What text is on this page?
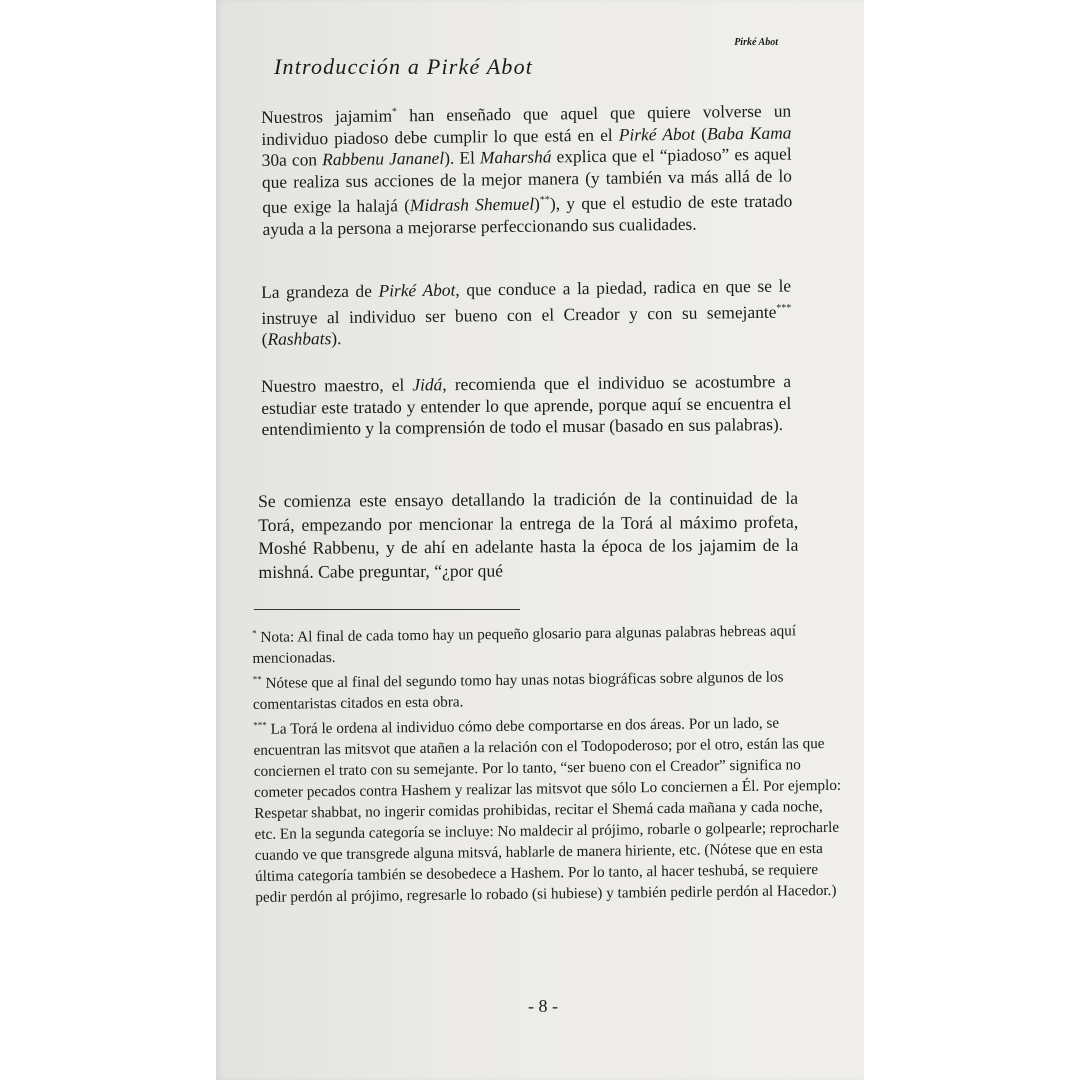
Pirké Abot
Introducción a Pirké Abot
Nuestros jajamim* han enseñado que aquel que quiere volverse un individuo piadoso debe cumplir lo que está en el Pirké Abot (Baba Kama 30a con Rabbenu Jananel). El Maharshá explica que el “piadoso” es aquel que realiza sus acciones de la mejor manera (y también va más allá de lo que exige la halajá (Midrash Shemuel)**), y que el estudio de este tratado ayuda a la persona a mejorarse perfeccionando sus cualidades.
La grandeza de Pirké Abot, que conduce a la piedad, radica en que se le instruye al individuo ser bueno con el Creador y con su semejante*** (Rashbats).
Nuestro maestro, el Jidá, recomienda que el individuo se acostumbre a estudiar este tratado y entender lo que aprende, porque aquí se encuentra el entendimiento y la comprensión de todo el musar (basado en sus palabras).
Se comienza este ensayo detallando la tradición de la continuidad de la Torá, empezando por mencionar la entrega de la Torá al máximo profeta, Moshé Rabbenu, y de ahí en adelante hasta la época de los jajamim de la mishná. Cabe preguntar, “¿por qué

* Nota: Al final de cada tomo hay un pequeño glosario para algunas palabras hebreas aquí mencionadas.

** Nótese que al final del segundo tomo hay unas notas biográficas sobre algunos de los comentaristas citados en esta obra.

*** La Torá le ordena al individuo cómo debe comportarse en dos áreas. Por un lado, se encuentran las mitsvot que atañen a la relación con el Todopoderoso; por el otro, están las que conciernen el trato con su semejante. Por lo tanto, “ser bueno con el Creador” significa no cometer pecados contra Hashem y realizar las mitsvot que sólo Lo conciernen a Él. Por ejemplo: Respetar shabbat, no ingerir comidas prohibidas, recitar el Shemá cada mañana y cada noche, etc. En la segunda categoría se incluye: No maldecir al prójimo, robarle o golpearle; reprocharle cuando ve que transgrede alguna mitsvá, hablarle de manera hiriente, etc. (Nótese que en esta última categoría también se desobedece a Hashem. Por lo tanto, al hacer teshubá, se requiere pedir perdón al prójimo, regresarle lo robado (si hubiese) y también pedirle perdón al Hacedor.)

- 8 -
